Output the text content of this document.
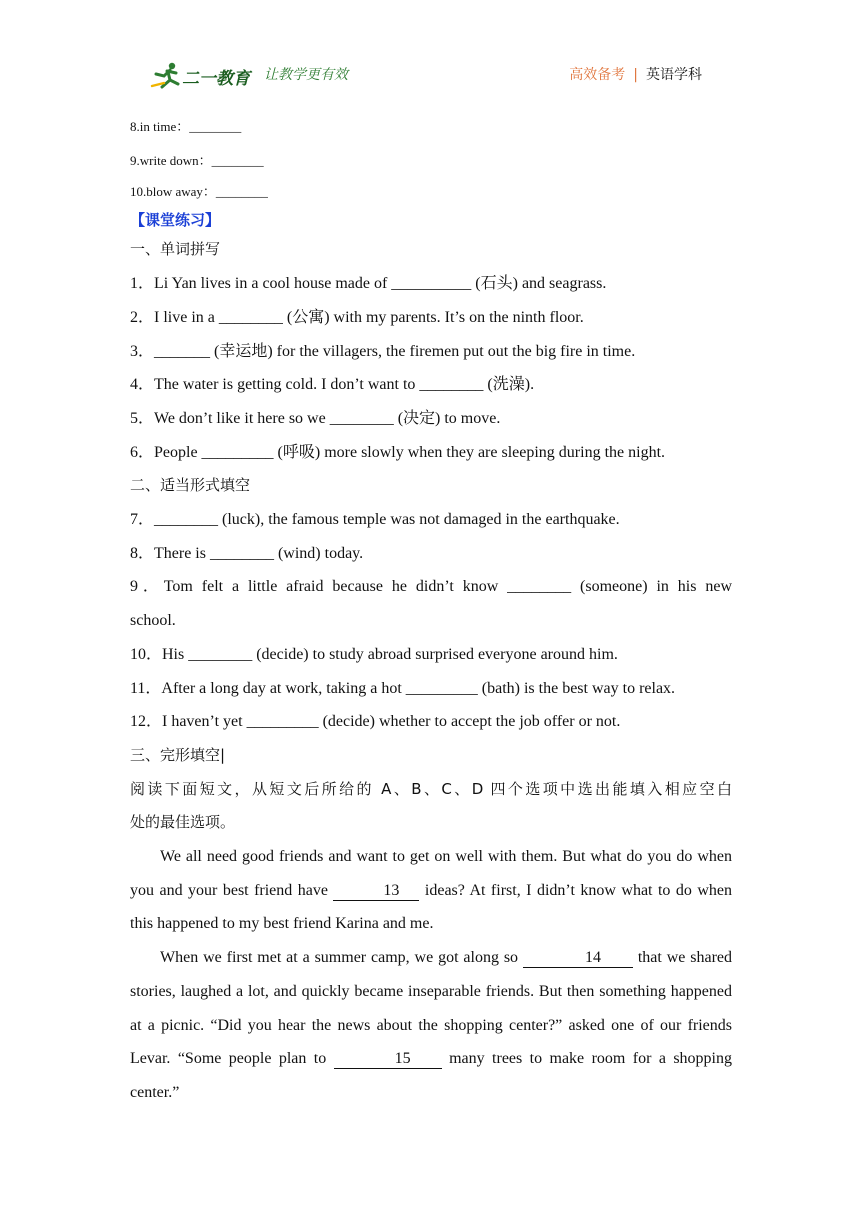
二一教育 让教学更有效	高效备考 | 英语学科
8.in time：________
9.write down：________
10.blow away：________
【课堂练习】
一、单词拼写
1．Li Yan lives in a cool house made of __________ (石头) and seagrass.
2．I live in a ________ (公寓) with my parents. It’s on the ninth floor.
3．_______ (幸运地) for the villagers, the firemen put out the big fire in time.
4．The water is getting cold. I don’t want to ________ (洗澡).
5．We don’t like it here so we ________ (决定) to move.
6．People _________ (呼吸) more slowly when they are sleeping during the night.
二、适当形式填空
7．________ (luck), the famous temple was not damaged in the earthquake.
8．There is ________ (wind) today.
9．Tom felt a little afraid because he didn’t know ________ (someone) in his new
school.
10．His ________ (decide) to study abroad surprised everyone around him.
11．After a long day at work, taking a hot _________ (bath) is the best way to relax.
12．I haven’t yet _________ (decide) whether to accept the job offer or not.
三、完形填空|
阅读下面短文，从短文后所给的 A、B、C、D 四个选项中选出能填入相应空白
处的最佳选项。
We all need good friends and want to get on well with them. But what do you do when you and your best friend have	13 ideas? At first, I didn’t know what to do when this happened to my best friend Karina and me.
When we first met at a summer camp, we got along so	14 that we shared stories, laughed a lot, and quickly became inseparable friends. But then something happened at a picnic. “Did you hear the news about the shopping center?” asked one of our friends Levar. “Some people plan to	15 many trees to make room for a shopping center.”
